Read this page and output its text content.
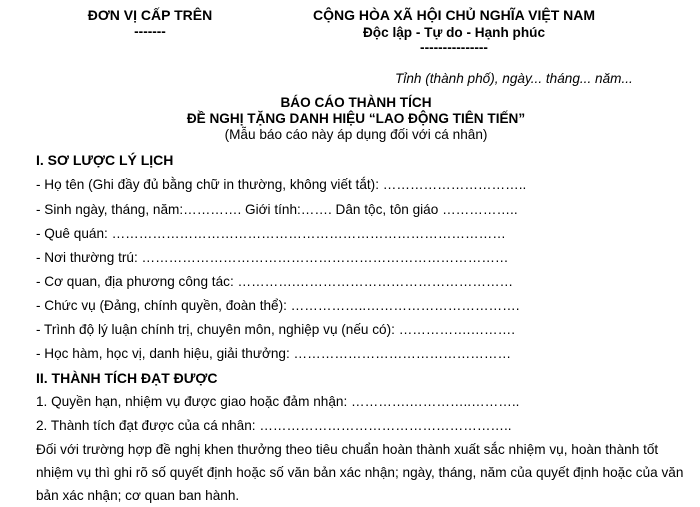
ĐƠN VỊ CẤP TRÊN
-------
CỘNG HÒA XÃ HỘI CHỦ NGHĨA VIỆT NAM
Độc lập - Tự do - Hạnh phúc
---------------
Tỉnh (thành phố), ngày... tháng... năm...
BÁO CÁO THÀNH TÍCH
ĐỀ NGHỊ TẶNG DANH HIỆU “LAO ĐỘNG TIÊN TIẾN”
(Mẫu báo cáo này áp dụng đối với cá nhân)
I. SƠ LƯỢC LÝ LỊCH
- Họ tên (Ghi đầy đủ bằng chữ in thường, không viết tắt): …………………………..
- Sinh ngày, tháng, năm:…………. Giới tính:……. Dân tộc, tôn giáo ……………..
- Quê quán: ……………………………………………………………………………
- Nơi thường trú: ………………………………………………………………………
- Cơ quan, địa phương công tác: ………….…………………………………………
- Chức vụ (Đảng, chính quyền, đoàn thể): ……………..…………………………….
- Trình độ lý luận chính trị, chuyên môn, nghiệp vụ (nếu có): …………….……….
- Học hàm, học vị, danh hiệu, giải thưởng: …………………………………………
II. THÀNH TÍCH ĐẠT ĐƯỢC
1. Quyền hạn, nhiệm vụ được giao hoặc đảm nhận: ………….…………..………..
2. Thành tích đạt được của cá nhân: ………………………………………………..
Đối với trường hợp đề nghị khen thưởng theo tiêu chuẩn hoàn thành xuất sắc nhiệm vụ, hoàn thành tốt nhiệm vụ thì ghi rõ số quyết định hoặc số văn bản xác nhận; ngày, tháng, năm của quyết định hoặc của văn bản xác nhận; cơ quan ban hành.
